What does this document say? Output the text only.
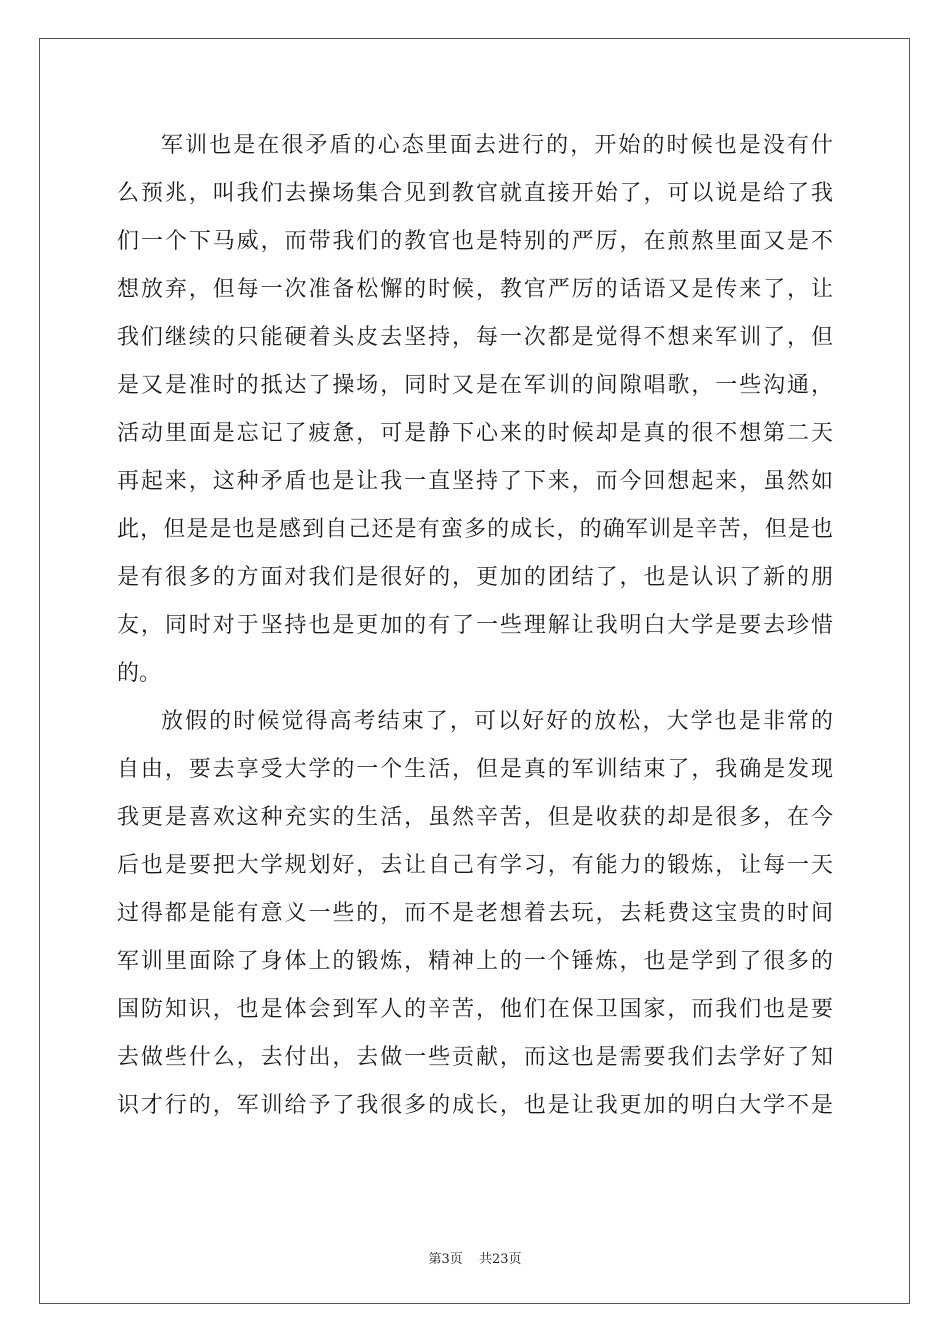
军训也是在很矛盾的心态里面去进行的，开始的时候也是没有什
么预兆，叫我们去操场集合见到教官就直接开始了，可以说是给了我
们一个下马威，而带我们的教官也是特别的严厉，在煎熬里面又是不
想放弃，但每一次准备松懈的时候，教官严厉的话语又是传来了，让
我们继续的只能硬着头皮去坚持，每一次都是觉得不想来军训了，但
是又是准时的抵达了操场，同时又是在军训的间隙唱歌，一些沟通，
活动里面是忘记了疲惫，可是静下心来的时候却是真的很不想第二天
再起来，这种矛盾也是让我一直坚持了下来，而今回想起来，虽然如
此，但是是也是感到自己还是有蛮多的成长，的确军训是辛苦，但是也
是有很多的方面对我们是很好的，更加的团结了，也是认识了新的朋
友，同时对于坚持也是更加的有了一些理解让我明白大学是要去珍惜
的。
放假的时候觉得高考结束了，可以好好的放松，大学也是非常的
自由，要去享受大学的一个生活，但是真的军训结束了，我确是发现
我更是喜欢这种充实的生活，虽然辛苦，但是收获的却是很多，在今
后也是要把大学规划好，去让自己有学习，有能力的锻炼，让每一天
过得都是能有意义一些的，而不是老想着去玩，去耗费这宝贵的时间
军训里面除了身体上的锻炼，精神上的一个锤炼，也是学到了很多的
国防知识，也是体会到军人的辛苦，他们在保卫国家，而我们也是要
去做些什么，去付出，去做一些贡献，而这也是需要我们去学好了知
识才行的，军训给予了我很多的成长，也是让我更加的明白大学不是
第3页 共23页
